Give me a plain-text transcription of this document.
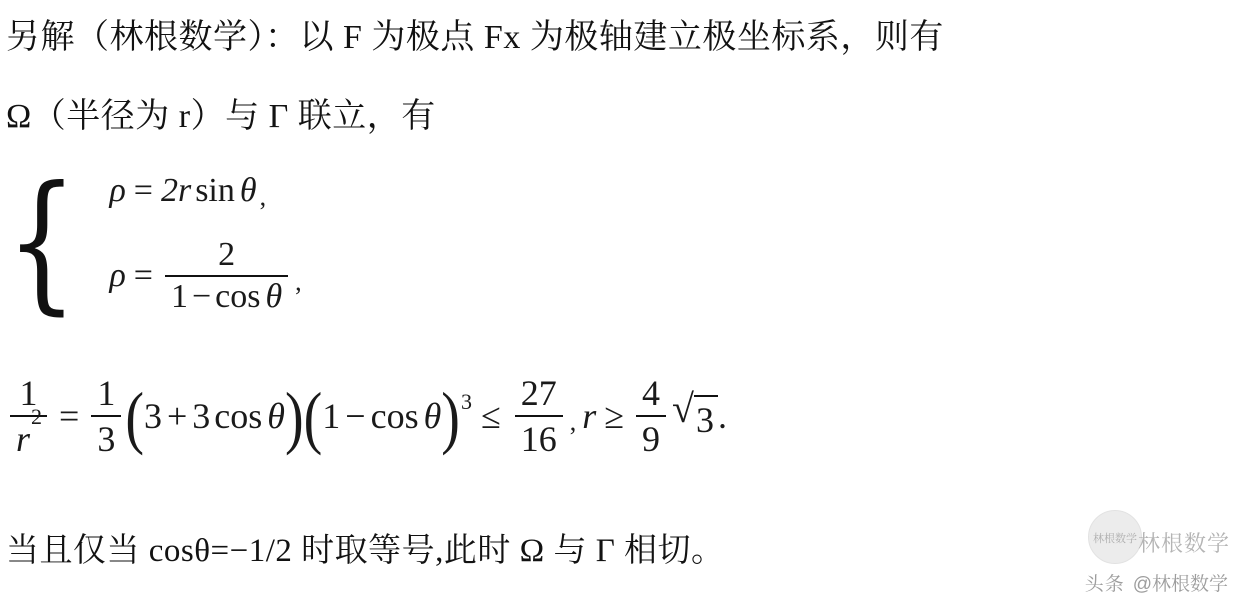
另解（林根数学）：以 F 为极点 Fx 为极轴建立极坐标系，则有
Ω（半径为 r）与 Γ 联立，有
{ ρ = 2 r sin θ ,
$\rho = \frac{2}{\text{1 − cos θ}}$ ,
$\frac{1}{r^2} = \frac{1}{3}$ ( 3 + 3 cos θ ) ( 1 − cos θ ) $3 \le \frac{27}{16}$ , $r \ge \frac{4}{9}$ √ 3 .
当且仅当 cosθ=−1/2 时取等号,此时 Ω 与 Γ 相切。	林根数学 林根数学
头条 @林根数学
